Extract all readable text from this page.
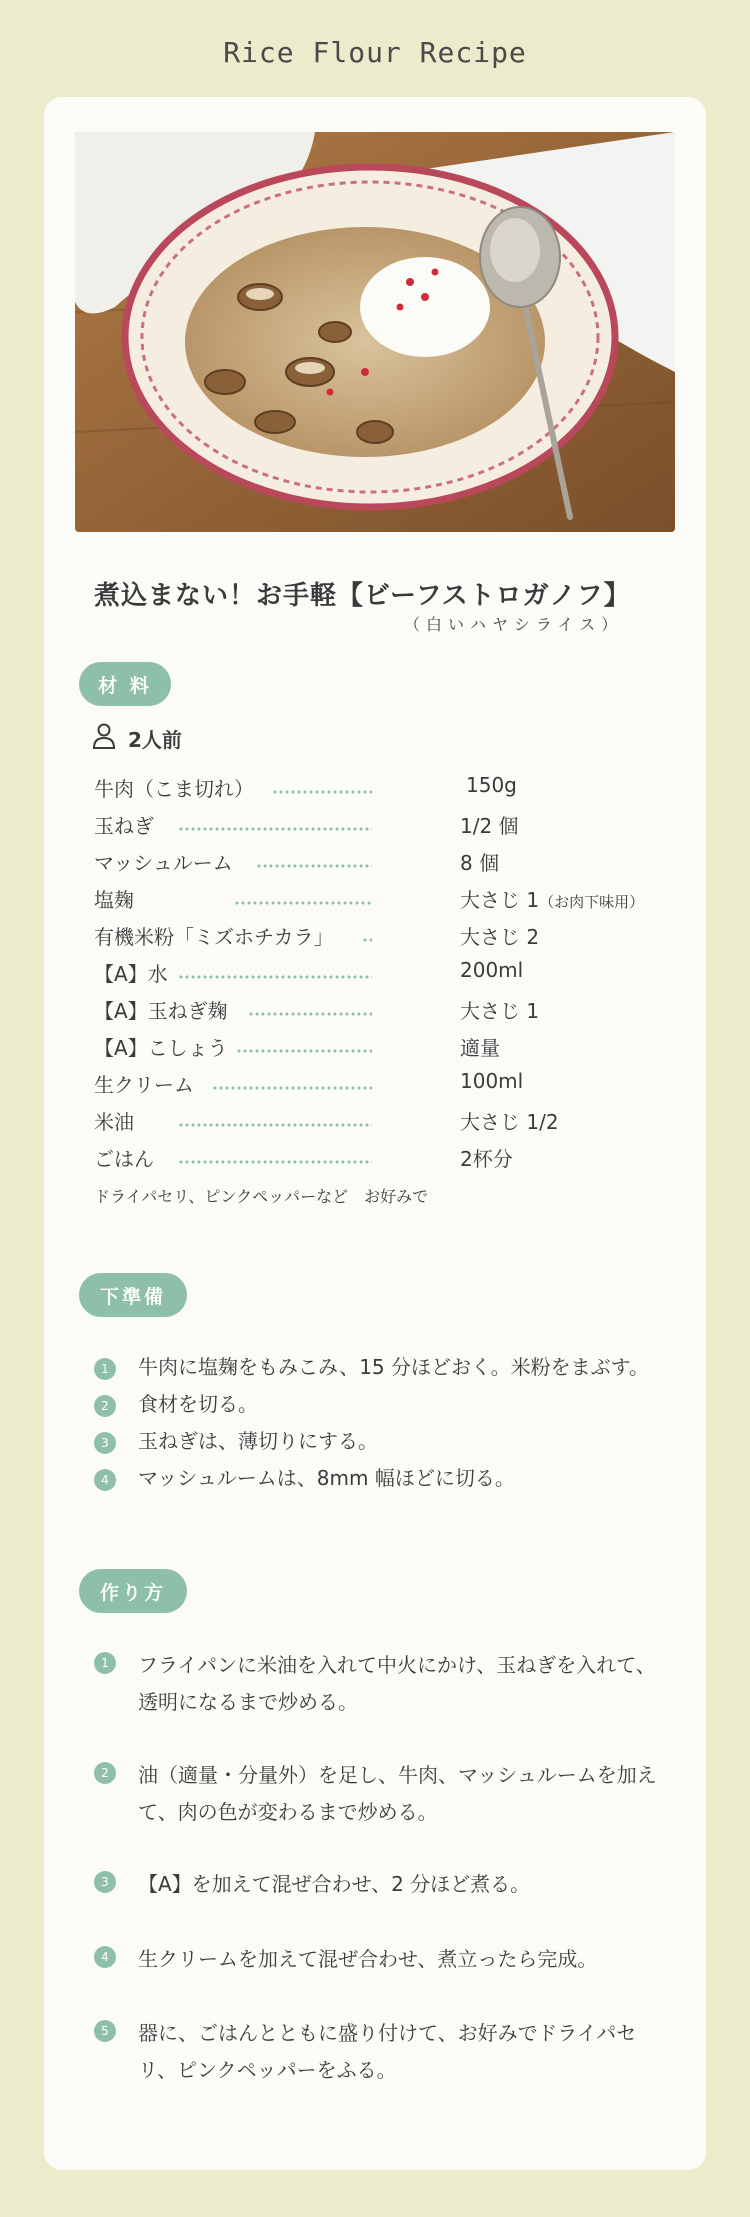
Rice Flour Recipe
煮込まない！お手軽【ビーフストロガノフ】
（白いハヤシライス）
材 料
2人前
牛肉（こま切れ）	150g
玉ねぎ	1/2 個
マッシュルーム	8 個
塩麹	大さじ 1（お肉下味用）
有機米粉「ミズホチカラ」	大さじ 2
【A】水	200ml
【A】玉ねぎ麹	大さじ 1
【A】こしょう	適量
生クリーム	100ml
米油	大さじ 1/2
ごはん	2杯分
ドライパセリ、ピンクペッパーなど　お好みで
下準備
1	牛肉に塩麹をもみこみ、15 分ほどおく。米粉をまぶす。
2	食材を切る。
3	玉ねぎは、薄切りにする。
4	マッシュルームは、8mm 幅ほどに切る。
作り方
1	フライパンに米油を入れて中火にかけ、玉ねぎを入れて、透明になるまで炒める。
2	油（適量・分量外）を足し、牛肉、マッシュルームを加えて、肉の色が変わるまで炒める。
3	【A】を加えて混ぜ合わせ、2 分ほど煮る。
4	生クリームを加えて混ぜ合わせ、煮立ったら完成。
5	器に、ごはんとともに盛り付けて、お好みでドライパセリ、ピンクペッパーをふる。
